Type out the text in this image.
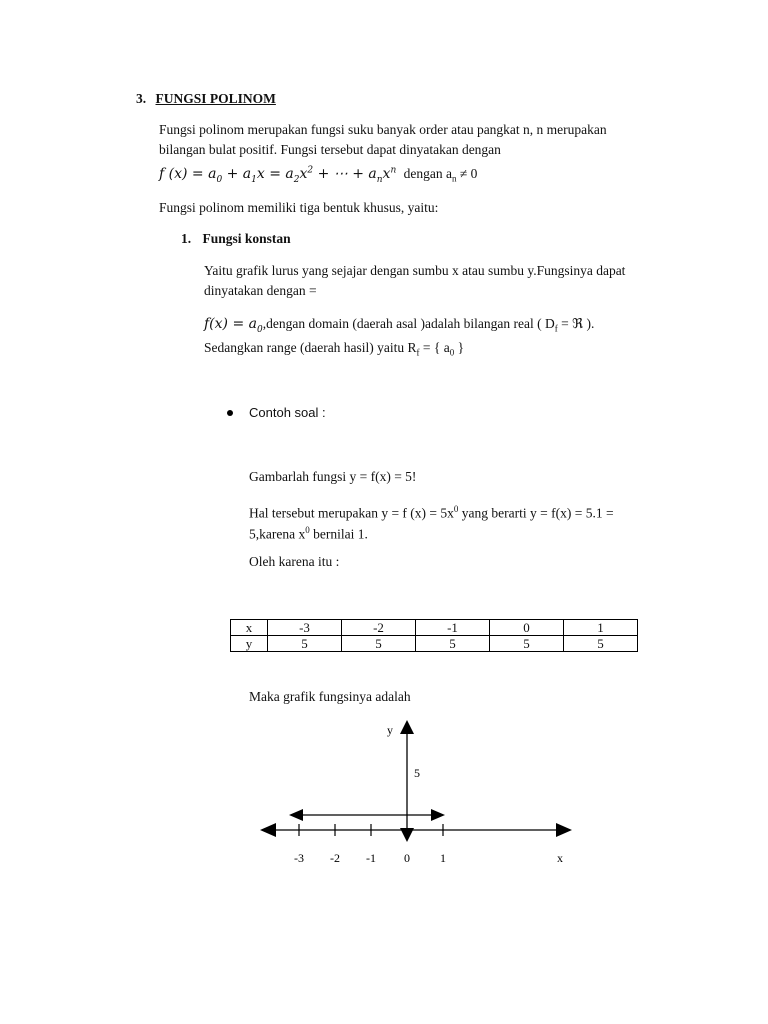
3. FUNGSI POLINOM

Fungsi polinom merupakan fungsi suku banyak order atau pangkat n, n merupakan

bilangan bulat positif. Fungsi tersebut dapat dinyatakan dengan

f $(x) = a_0 + a_1x = a_2x^2$ + ⋯ + $a_nx^n$ dengan $a_n \ne 0$

Fungsi polinom memiliki tiga bentuk khusus, yaitu:

1. Fungsi konstan

Yaitu grafik lurus yang sejajar dengan sumbu x atau sumbu y.Fungsinya dapat

dinyatakan dengan =

$f(x) = a_0,dengan$ domain (daerah asal )adalah bilangan real ( $D_f$ = ℜ ).
Sedangkan range (daerah hasil) yaitu $R_f$ = { $a_0$ }

Contoh soal :

Gambarlah fungsi y = f(x) = 5!

Hal tersebut merupakan y = f $(x) = 5x^0$ yang berarti y = f(x) = 5.1 =
5,karena $x^0$ bernilai 1.

Oleh karena itu :

x	-3	-2	-1	0	1
y	5	5	5	5	5

Maka grafik fungsinya adalah

-3 -2 -1 0	1
5
x
y
